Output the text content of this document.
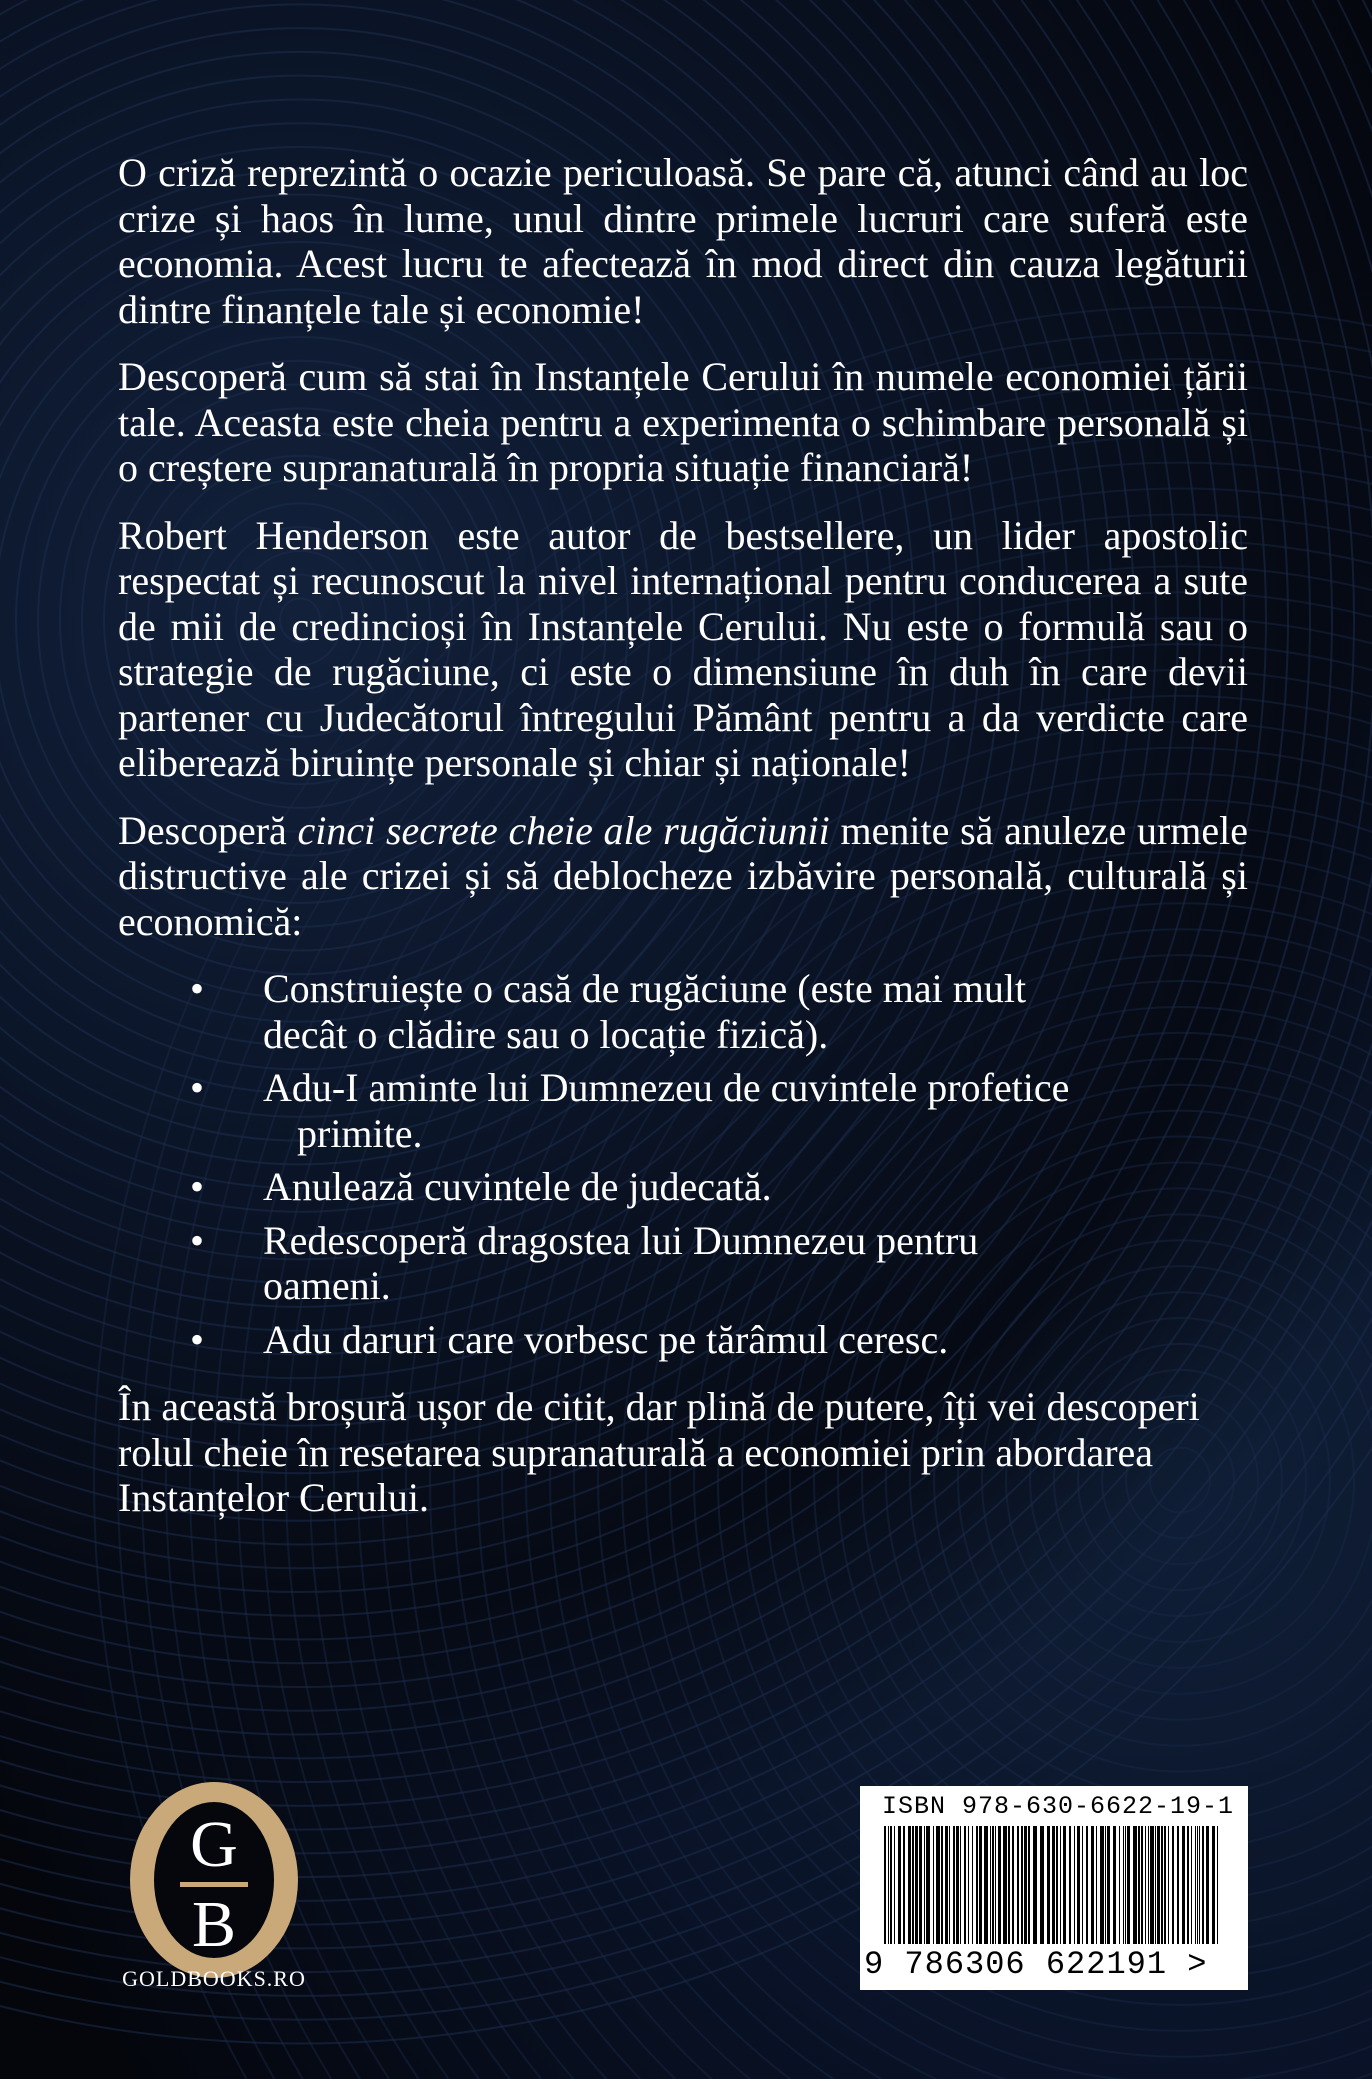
O criză reprezintă o ocazie periculoasă. Se pare că, atunci când au loc crize și haos în lume, unul dintre primele lucruri care suferă este economia. Acest lucru te afectează în mod direct din cauza legăturii dintre finanțele tale și economie!

Descoperă cum să stai în Instanțele Cerului în numele economiei țării tale. Aceasta este cheia pentru a experimenta o schimbare personală și o creștere supranaturală în propria situație financiară!

Robert Henderson este autor de bestsellere, un lider apostolic respectat și recunoscut la nivel internațional pentru conducerea a sute de mii de credincioși în Instanțele Cerului. Nu este o formulă sau o strategie de rugăciune, ci este o dimensiune în duh în care devii partener cu Judecătorul întregului Pământ pentru a da verdicte care eliberează biruințe personale și chiar și naționale!

Descoperă cinci secrete cheie ale rugăciunii menite să anuleze urmele distructive ale crizei și să deblocheze izbăvire personală, culturală și economică:

• Construiește o casă de rugăciune (este mai mult
decât o clădire sau o locație fizică).
• Adu-I aminte lui Dumnezeu de cuvintele profetice
primite.
• Anulează cuvintele de judecată.
• Redescoperă dragostea lui Dumnezeu pentru
oameni.
• Adu daruri care vorbesc pe tărâmul ceresc.

În această broșură ușor de citit, dar plină de putere, îți vei descoperi rolul cheie în resetarea supranaturală a economiei prin abordarea Instanțelor Cerului.

G
B
GOLDBOOKS.RO
ISBN 978-630-6622-19-1
9 786306 622191 >
